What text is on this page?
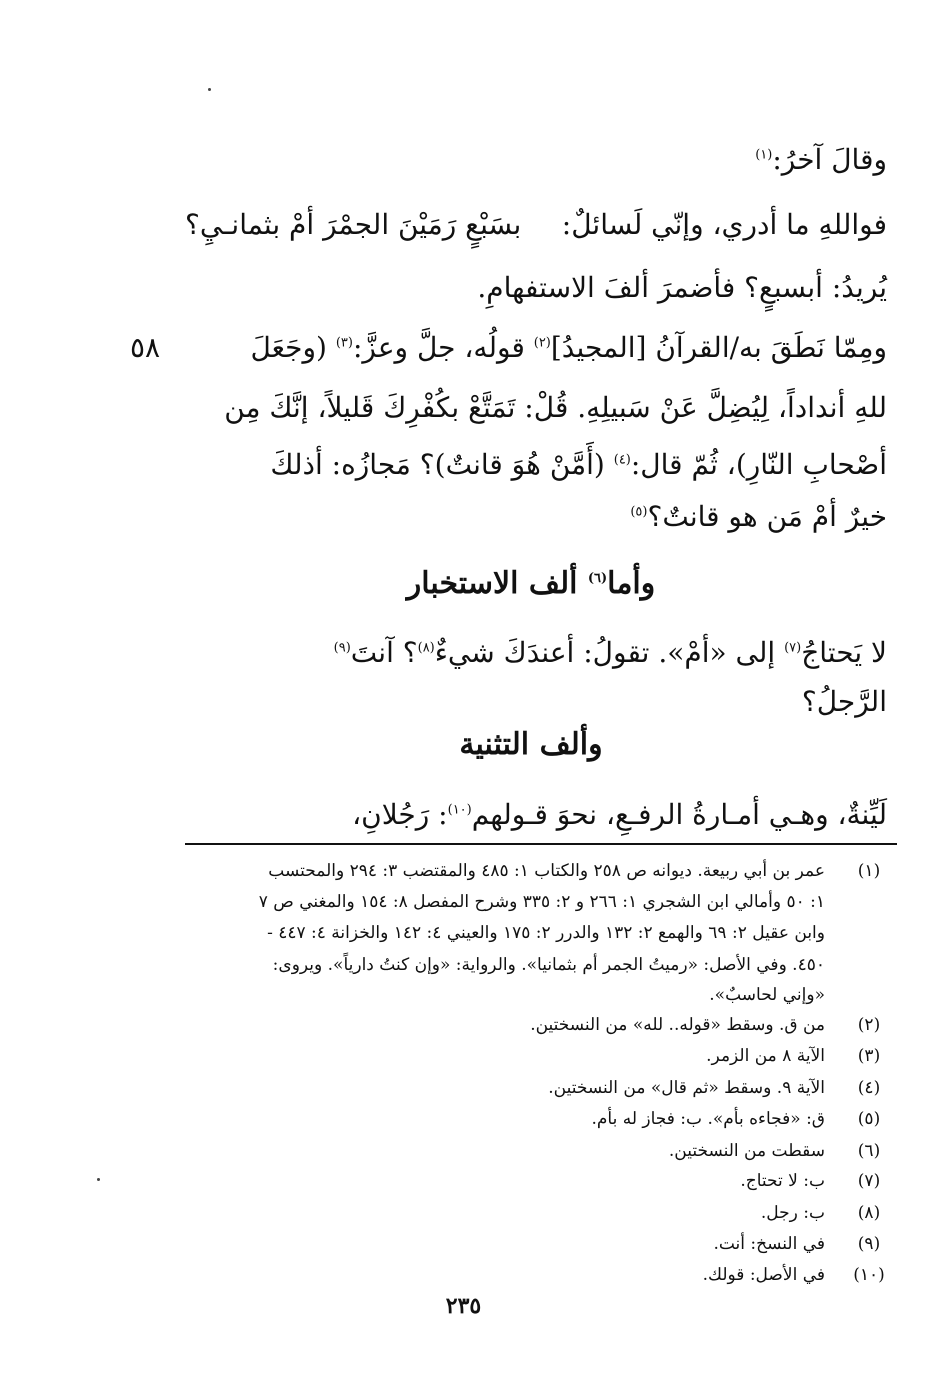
وقالَ آخرُ:$^{(١)}$
فواللهِ ما أدري، وإنّي لَسائلٌ:
بسَبْعٍ رَمَيْنَ الجمْرَ أمْ بثمانـيِ؟
يُريدُ: أبسبعٍ؟ فأضمرَ ألفَ الاستفهامِ.
٥٨	ومِمّا نَطَقَ به/القرآنُ [المجيدُ]$^{(٢)}$ قولُه، جلَّ وعزَّ:$^{(٣)}$ (وجَعَلَ
للهِ أنداداً، لِيُضِلَّ عَنْ سَبيلِهِ. قُلْ: تَمَتَّعْ بكُفْرِكَ قَليلاً، إنَّكَ مِن
أصْحابِ النّارِ)، ثُمّ قال:$^{(٤)}$ (أَمَّنْ هُوَ قانتٌ)؟ مَجازُه: أذلكَ
خيرٌ أمْ مَن هو قانتٌ؟$^{(٥)}$
وأما$^{(٦)}$ ألف الاستخبار
لا يَحتاجُ$^{(٧)}$ إلى «أمْ». تقولُ: أعندَكَ شيءٌ$^{(٨)}$؟ آنتَ$^{(٩)}$
الرَّجلُ؟
وألف التثنية
لَيِّنةٌ، وهـي أمـارةُ الرفـعِ، نحوَ قـولهم$^{(١٠)}$: رَجُلانِ،
(١)
عمر بن أبي ربيعة. ديوانه ص ٢٥٨ والكتاب ١: ٤٨٥ والمقتضب ٣: ٢٩٤ والمحتسب
١: ٥٠ وأمالي ابن الشجري ١: ٢٦٦ و ٢: ٣٣٥ وشرح المفصل ٨: ١٥٤ والمغني ص ٧
وابن عقيل ٢: ٦٩ والهمع ٢: ١٣٢ والدرر ٢: ١٧٥ والعيني ٤: ١٤٢ والخزانة ٤: ٤٤٧ -
٤٥٠. وفي الأصل: «رميتُ الجمر أم بثمانيا». والرواية: «وإن كنتُ دارياً». ويروى:
«وإني لحاسبٌ».
(٢)
من ق. وسقط «قوله.. لله» من النسختين.
(٣)
الآية ٨ من الزمر.
(٤)
الآية ٩. وسقط «ثم قال» من النسختين.
(٥)
ق: «فجاءه بأم». ب: فجاز له بأم.
(٦)
سقطت من النسختين.
(٧)
ب: لا تحتاج.
(٨)
ب: رجل.
(٩)
في النسخ: أنت.
(١٠)
في الأصل: قولك.
٢٣٥
